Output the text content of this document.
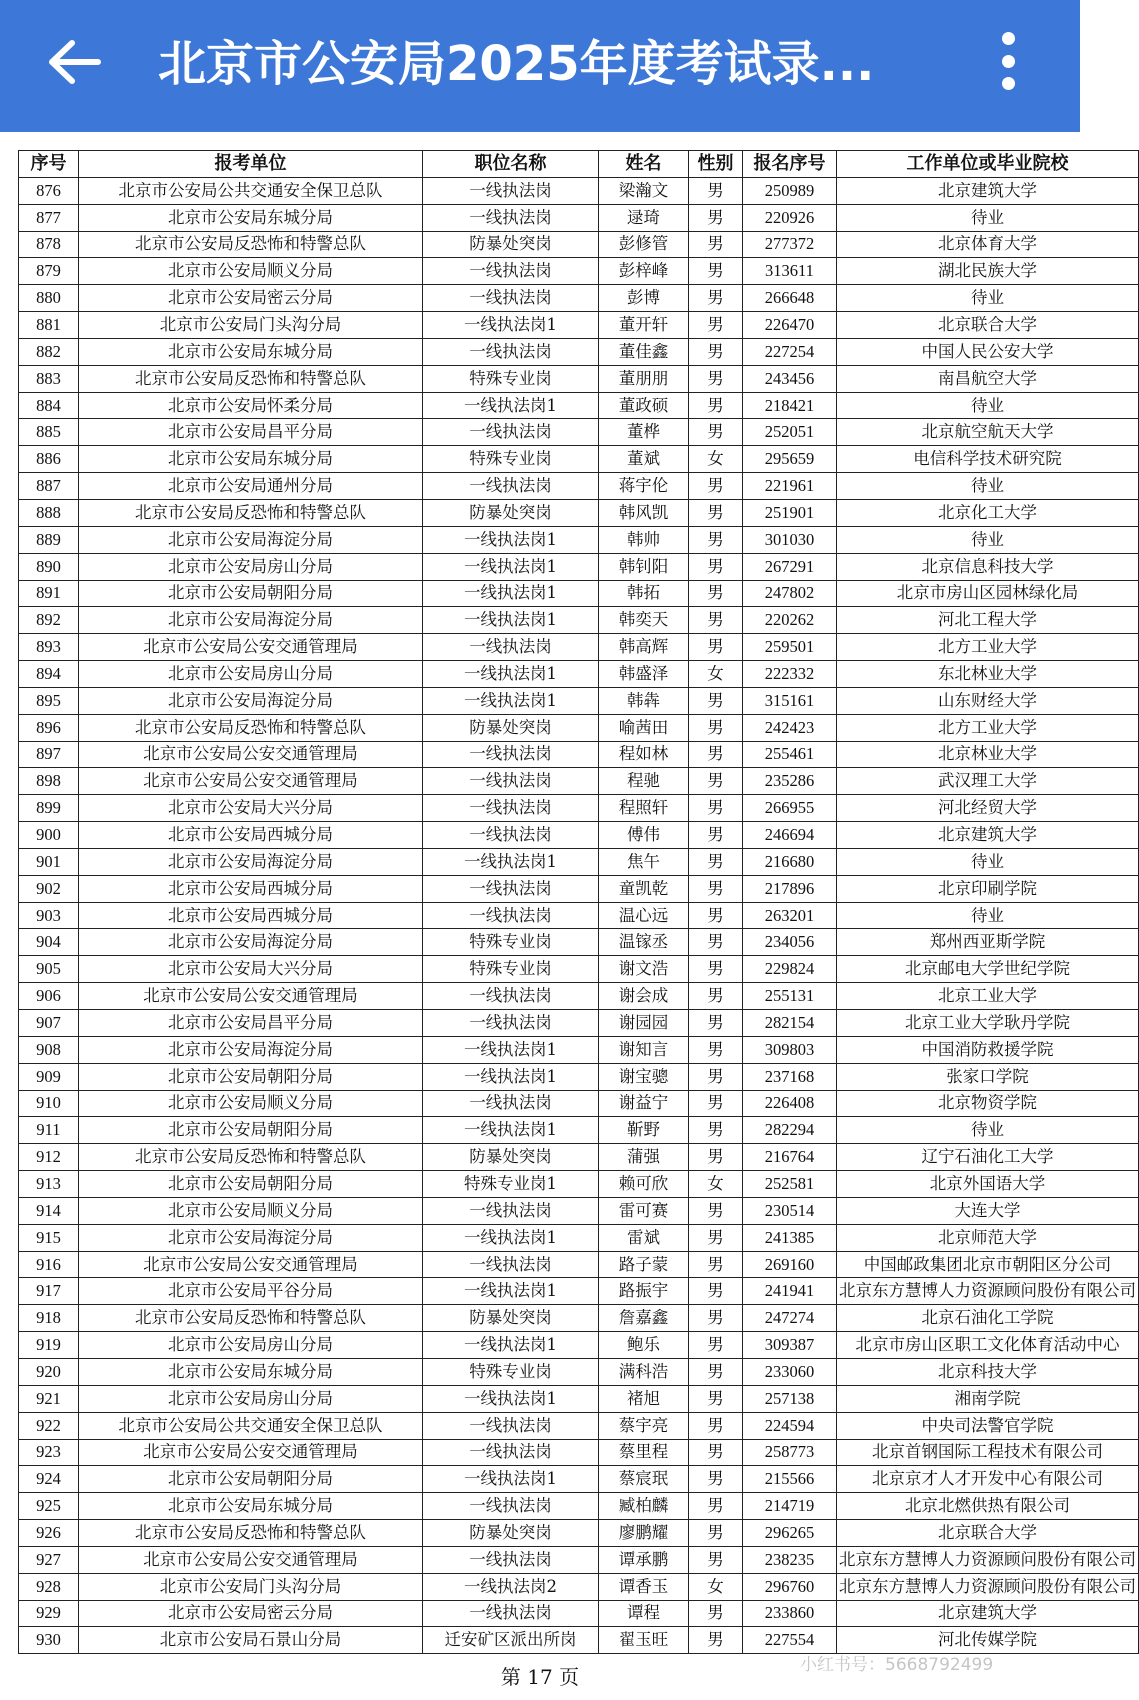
北京市公安局2025年度考试录...
序号	报考单位	职位名称	姓名	性别	报名序号	工作单位或毕业院校
876	北京市公安局公共交通安全保卫总队	一线执法岗	梁瀚文	男	250989	北京建筑大学
877	北京市公安局东城分局	一线执法岗	逯琦	男	220926	待业
878	北京市公安局反恐怖和特警总队	防暴处突岗	彭修管	男	277372	北京体育大学
879	北京市公安局顺义分局	一线执法岗	彭梓峰	男	313611	湖北民族大学
880	北京市公安局密云分局	一线执法岗	彭博	男	266648	待业
881	北京市公安局门头沟分局	一线执法岗1	董开轩	男	226470	北京联合大学
882	北京市公安局东城分局	一线执法岗	董佳鑫	男	227254	中国人民公安大学
883	北京市公安局反恐怖和特警总队	特殊专业岗	董朋朋	男	243456	南昌航空大学
884	北京市公安局怀柔分局	一线执法岗1	董政硕	男	218421	待业
885	北京市公安局昌平分局	一线执法岗	董桦	男	252051	北京航空航天大学
886	北京市公安局东城分局	特殊专业岗	董斌	女	295659	电信科学技术研究院
887	北京市公安局通州分局	一线执法岗	蒋宇伦	男	221961	待业
888	北京市公安局反恐怖和特警总队	防暴处突岗	韩风凯	男	251901	北京化工大学
889	北京市公安局海淀分局	一线执法岗1	韩帅	男	301030	待业
890	北京市公安局房山分局	一线执法岗1	韩钊阳	男	267291	北京信息科技大学
891	北京市公安局朝阳分局	一线执法岗1	韩拓	男	247802	北京市房山区园林绿化局
892	北京市公安局海淀分局	一线执法岗1	韩奕天	男	220262	河北工程大学
893	北京市公安局公安交通管理局	一线执法岗	韩高辉	男	259501	北方工业大学
894	北京市公安局房山分局	一线执法岗1	韩盛泽	女	222332	东北林业大学
895	北京市公安局海淀分局	一线执法岗1	韩犇	男	315161	山东财经大学
896	北京市公安局反恐怖和特警总队	防暴处突岗	喻茜田	男	242423	北方工业大学
897	北京市公安局公安交通管理局	一线执法岗	程如林	男	255461	北京林业大学
898	北京市公安局公安交通管理局	一线执法岗	程驰	男	235286	武汉理工大学
899	北京市公安局大兴分局	一线执法岗	程照轩	男	266955	河北经贸大学
900	北京市公安局西城分局	一线执法岗	傅伟	男	246694	北京建筑大学
901	北京市公安局海淀分局	一线执法岗1	焦午	男	216680	待业
902	北京市公安局西城分局	一线执法岗	童凯乾	男	217896	北京印刷学院
903	北京市公安局西城分局	一线执法岗	温心远	男	263201	待业
904	北京市公安局海淀分局	特殊专业岗	温镓丞	男	234056	郑州西亚斯学院
905	北京市公安局大兴分局	特殊专业岗	谢文浩	男	229824	北京邮电大学世纪学院
906	北京市公安局公安交通管理局	一线执法岗	谢会成	男	255131	北京工业大学
907	北京市公安局昌平分局	一线执法岗	谢园园	男	282154	北京工业大学耿丹学院
908	北京市公安局海淀分局	一线执法岗1	谢知言	男	309803	中国消防救援学院
909	北京市公安局朝阳分局	一线执法岗1	谢宝骢	男	237168	张家口学院
910	北京市公安局顺义分局	一线执法岗	谢益宁	男	226408	北京物资学院
911	北京市公安局朝阳分局	一线执法岗1	靳野	男	282294	待业
912	北京市公安局反恐怖和特警总队	防暴处突岗	蒲强	男	216764	辽宁石油化工大学
913	北京市公安局朝阳分局	特殊专业岗1	赖可欣	女	252581	北京外国语大学
914	北京市公安局顺义分局	一线执法岗	雷可赛	男	230514	大连大学
915	北京市公安局海淀分局	一线执法岗1	雷斌	男	241385	北京师范大学
916	北京市公安局公安交通管理局	一线执法岗	路子蒙	男	269160	中国邮政集团北京市朝阳区分公司
917	北京市公安局平谷分局	一线执法岗1	路振宇	男	241941	北京东方慧博人力资源顾问股份有限公司
918	北京市公安局反恐怖和特警总队	防暴处突岗	詹嘉鑫	男	247274	北京石油化工学院
919	北京市公安局房山分局	一线执法岗1	鲍乐	男	309387	北京市房山区职工文化体育活动中心
920	北京市公安局东城分局	特殊专业岗	满科浩	男	233060	北京科技大学
921	北京市公安局房山分局	一线执法岗1	褚旭	男	257138	湘南学院
922	北京市公安局公共交通安全保卫总队	一线执法岗	蔡宇亮	男	224594	中央司法警官学院
923	北京市公安局公安交通管理局	一线执法岗	蔡里程	男	258773	北京首钢国际工程技术有限公司
924	北京市公安局朝阳分局	一线执法岗1	蔡宸珉	男	215566	北京京才人才开发中心有限公司
925	北京市公安局东城分局	一线执法岗	臧柏麟	男	214719	北京北燃供热有限公司
926	北京市公安局反恐怖和特警总队	防暴处突岗	廖鹏耀	男	296265	北京联合大学
927	北京市公安局公安交通管理局	一线执法岗	谭承鹏	男	238235	北京东方慧博人力资源顾问股份有限公司
928	北京市公安局门头沟分局	一线执法岗2	谭香玉	女	296760	北京东方慧博人力资源顾问股份有限公司
929	北京市公安局密云分局	一线执法岗	谭程	男	233860	北京建筑大学
930	北京市公安局石景山分局	迁安矿区派出所岗	翟玉旺	男	227554	河北传媒学院
第 17 页	小红书号：5668792499
